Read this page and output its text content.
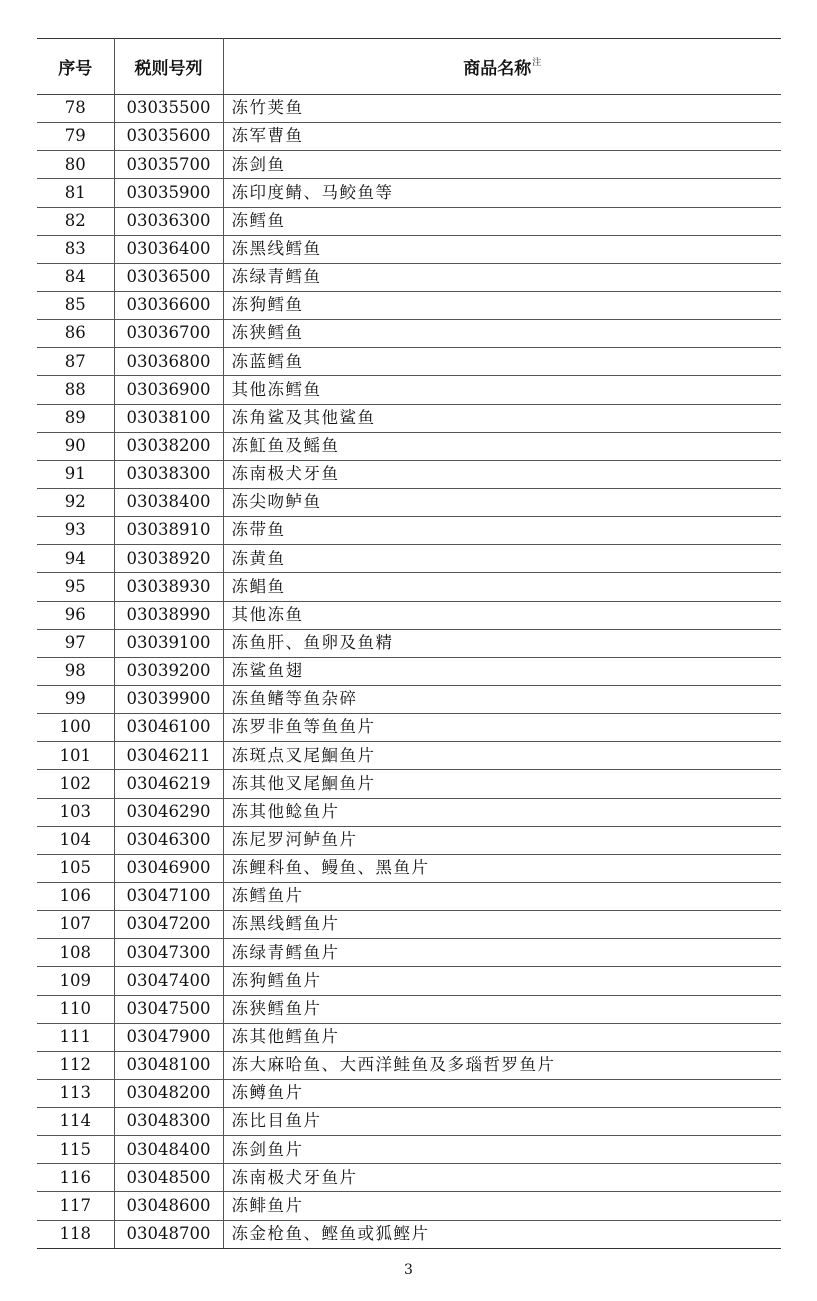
序号	税则号列	商品名称$^注$
78	03035500	冻竹荚鱼
79	03035600	冻军曹鱼
80	03035700	冻剑鱼
81	03035900	冻印度鲭、马鲛鱼等
82	03036300	冻鳕鱼
83	03036400	冻黑线鳕鱼
84	03036500	冻绿青鳕鱼
85	03036600	冻狗鳕鱼
86	03036700	冻狭鳕鱼
87	03036800	冻蓝鳕鱼
88	03036900	其他冻鳕鱼
89	03038100	冻角鲨及其他鲨鱼
90	03038200	冻魟鱼及鳐鱼
91	03038300	冻南极犬牙鱼
92	03038400	冻尖吻鲈鱼
93	03038910	冻带鱼
94	03038920	冻黄鱼
95	03038930	冻鲳鱼
96	03038990	其他冻鱼
97	03039100	冻鱼肝、鱼卵及鱼精
98	03039200	冻鲨鱼翅
99	03039900	冻鱼鳍等鱼杂碎
100	03046100	冻罗非鱼等鱼鱼片
101	03046211	冻斑点叉尾鮰鱼片
102	03046219	冻其他叉尾鮰鱼片
103	03046290	冻其他鲶鱼片
104	03046300	冻尼罗河鲈鱼片
105	03046900	冻鲤科鱼、鳗鱼、黑鱼片
106	03047100	冻鳕鱼片
107	03047200	冻黑线鳕鱼片
108	03047300	冻绿青鳕鱼片
109	03047400	冻狗鳕鱼片
110	03047500	冻狭鳕鱼片
111	03047900	冻其他鳕鱼片
112	03048100	冻大麻哈鱼、大西洋鲑鱼及多瑙哲罗鱼片
113	03048200	冻鳟鱼片
114	03048300	冻比目鱼片
115	03048400	冻剑鱼片
116	03048500	冻南极犬牙鱼片
117	03048600	冻鲱鱼片
118	03048700	冻金枪鱼、鲣鱼或狐鲣片
3
